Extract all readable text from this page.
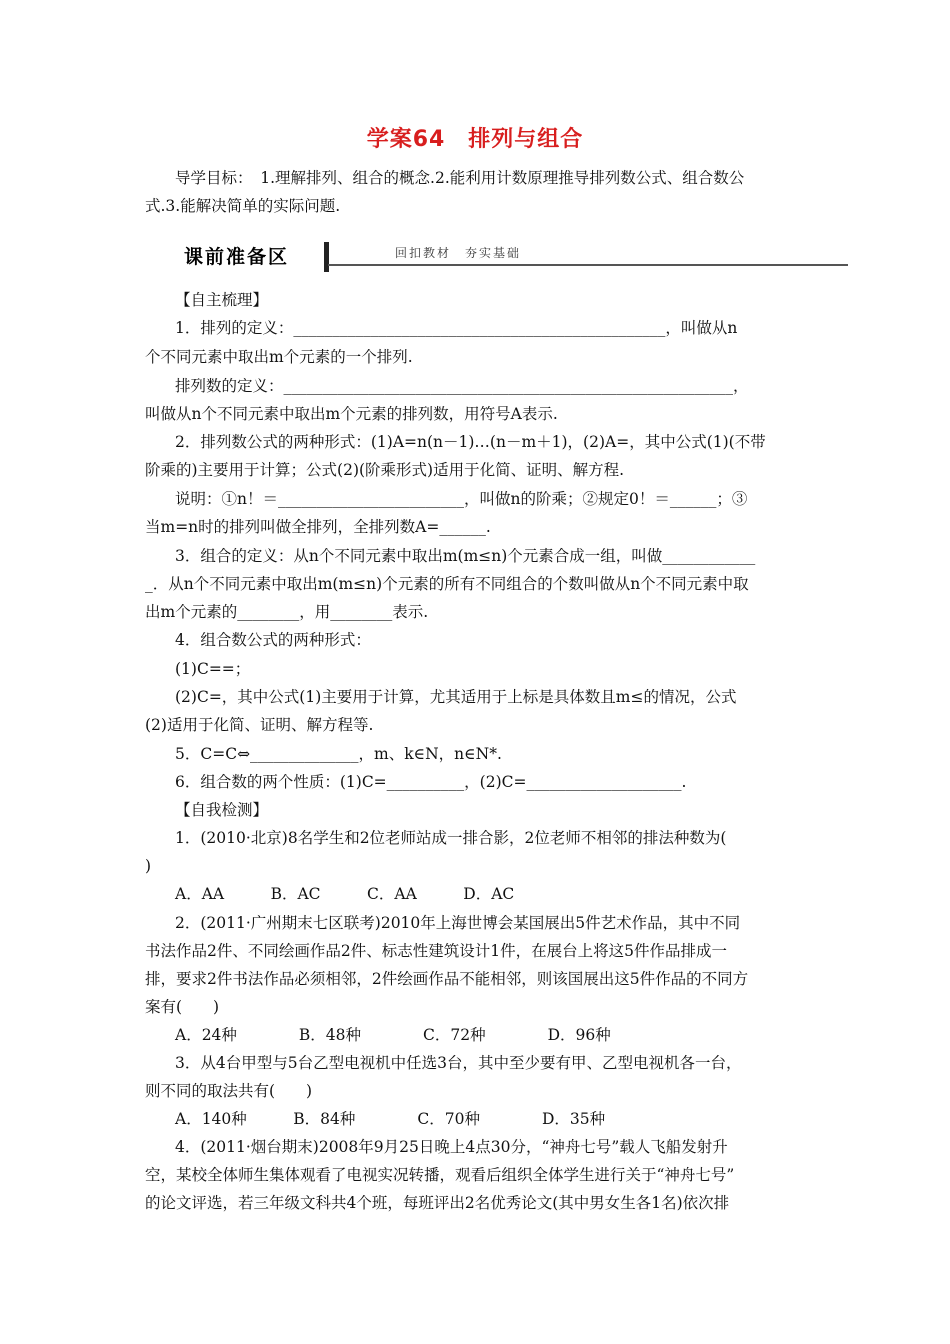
学案64　排列与组合
导学目标：　1.理解排列、组合的概念.2.能利用计数原理推导排列数公式、组合数公
式.3.能解决简单的实际问题.
课前准备区	回扣教材　夯实基础
【自主梳理】
1．排列的定义：________________________________________________，叫做从n
个不同元素中取出m个元素的一个排列.
排列数的定义：__________________________________________________________，
叫做从n个不同元素中取出m个元素的排列数，用符号A表示.
2．排列数公式的两种形式：(1)A=n(n－1)…(n－m＋1)，(2)A=，其中公式(1)(不带
阶乘的)主要用于计算；公式(2)(阶乘形式)适用于化简、证明、解方程.
说明：①n！＝________________________，叫做n的阶乘；②规定0！＝______；③
当m=n时的排列叫做全排列，全排列数A=______.
3．组合的定义：从n个不同元素中取出m(m≤n)个元素合成一组，叫做____________
_．从n个不同元素中取出m(m≤n)个元素的所有不同组合的个数叫做从n个不同元素中取
出m个元素的________，用________表示.
4．组合数公式的两种形式：
(1)C==；
(2)C=，其中公式(1)主要用于计算，尤其适用于上标是具体数且m≤的情况，公式
(2)适用于化简、证明、解方程等.
5．C=C⇔______________，m、k∈N，n∈N*.
6．组合数的两个性质：(1)C=__________，(2)C=____________________.
【自我检测】
1．(2010·北京)8名学生和2位老师站成一排合影，2位老师不相邻的排法种数为(
)
A．AA　　　B．AC　　　C．AA　　　D．AC
2．(2011·广州期末七区联考)2010年上海世博会某国展出5件艺术作品，其中不同
书法作品2件、不同绘画作品2件、标志性建筑设计1件，在展台上将这5件作品排成一
排，要求2件书法作品必须相邻，2件绘画作品不能相邻，则该国展出这5件作品的不同方
案有(　　)
A．24种　　　　B．48种　　　　C．72种　　　　D．96种
3．从4台甲型与5台乙型电视机中任选3台，其中至少要有甲、乙型电视机各一台，
则不同的取法共有(　　)
A．140种　　　B．84种　　　　C．70种　　　　D．35种
4．(2011·烟台期末)2008年9月25日晚上4点30分，“神舟七号”载人飞船发射升
空，某校全体师生集体观看了电视实况转播，观看后组织全体学生进行关于“神舟七号”
的论文评选，若三年级文科共4个班，每班评出2名优秀论文(其中男女生各1名)依次排
